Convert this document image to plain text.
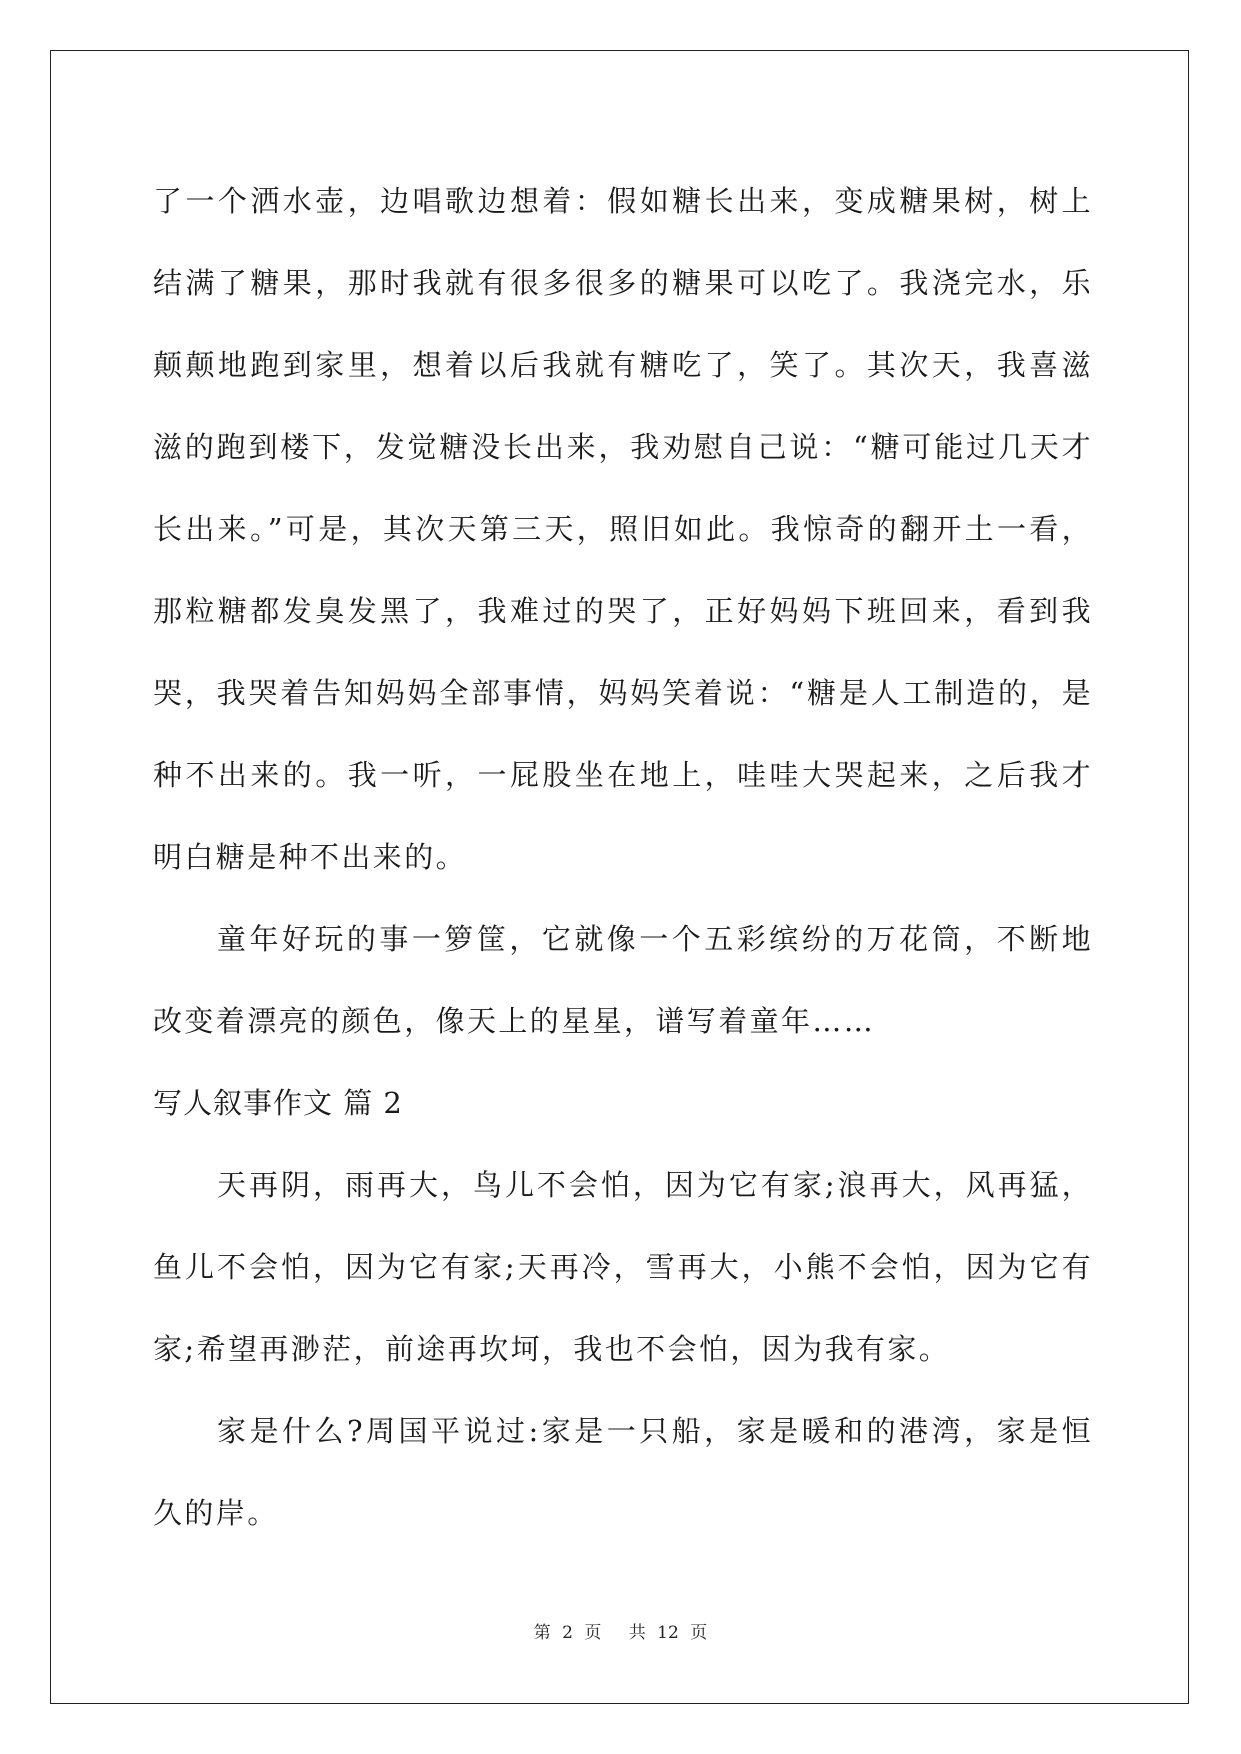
了一个洒水壶，边唱歌边想着：假如糖长出来，变成糖果树，树上结满了糖果，那时我就有很多很多的糖果可以吃了。我浇完水，乐颠颠地跑到家里，想着以后我就有糖吃了，笑了。其次天，我喜滋滋的跑到楼下，发觉糖没长出来，我劝慰自己说：“糖可能过几天才长出来。”可是，其次天第三天，照旧如此。我惊奇的翻开土一看，那粒糖都发臭发黑了，我难过的哭了，正好妈妈下班回来，看到我哭，我哭着告知妈妈全部事情，妈妈笑着说：“糖是人工制造的，是种不出来的。我一听，一屁股坐在地上，哇哇大哭起来，之后我才明白糖是种不出来的。

童年好玩的事一箩筐，它就像一个五彩缤纷的万花筒，不断地改变着漂亮的颜色，像天上的星星，谱写着童年……

写人叙事作文 篇 2

天再阴，雨再大，鸟儿不会怕，因为它有家;浪再大，风再猛，鱼儿不会怕，因为它有家;天再冷，雪再大，小熊不会怕，因为它有家;希望再渺茫，前途再坎坷，我也不会怕，因为我有家。

家是什么?周国平说过:家是一只船，家是暖和的港湾，家是恒久的岸。

第 2 页 共 12 页
